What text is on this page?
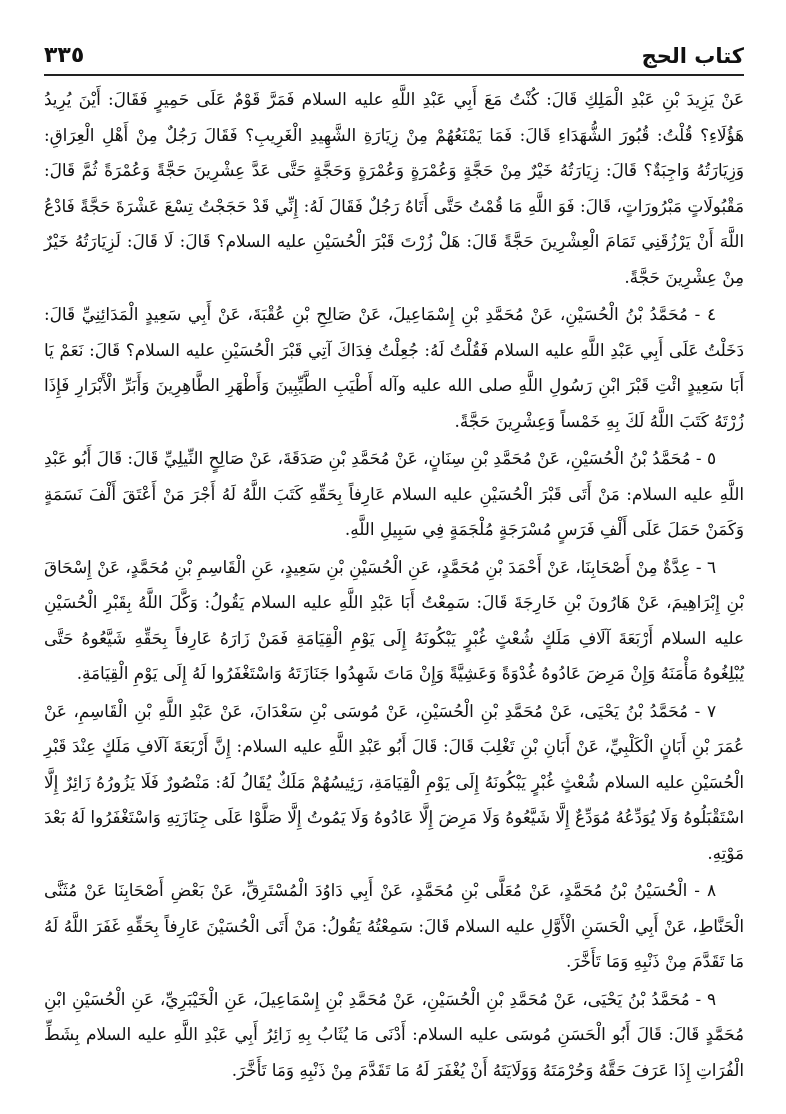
كتاب الحج
٣٣٥

عَنْ يَزِيدَ بْنِ عَبْدِ الْمَلِكِ قَالَ: كُنْتُ مَعَ أَبِي عَبْدِ اللَّهِ عليه السلام فَمَرَّ قَوْمٌ عَلَى حَمِيرٍ فَقَالَ: أَيْنَ يُرِيدُ هَؤُلَاءِ؟ قُلْتُ: قُبُورَ الشُّهَدَاءِ قَالَ: فَمَا يَمْنَعُهُمْ مِنْ زِيَارَةِ الشَّهِيدِ الْغَرِيبِ؟ فَقَالَ رَجُلٌ مِنْ أَهْلِ الْعِرَاقِ: وَزِيَارَتُهُ وَاجِبَةٌ؟ قَالَ: زِيَارَتُهُ خَيْرٌ مِنْ حَجَّةٍ وَعُمْرَةٍ وَعُمْرَةٍ وَحَجَّةٍ حَتَّى عَدَّ عِشْرِينَ حَجَّةً وَعُمْرَةً ثُمَّ قَالَ: مَقْبُولَاتٍ مَبْرُورَاتٍ، قَالَ: فَوَ اللَّهِ مَا قُمْتُ حَتَّى أَتَاهُ رَجُلٌ فَقَالَ لَهُ: إِنِّي قَدْ حَجَجْتُ تِسْعَ عَشْرَةَ حَجَّةً فَادْعُ اللَّهَ أَنْ يَرْزُقَنِي تَمَامَ الْعِشْرِينَ حَجَّةً قَالَ: هَلْ زُرْتَ قَبْرَ الْحُسَيْنِ عليه السلام؟ قَالَ: لَا قَالَ: لَزِيَارَتُهُ خَيْرٌ مِنْ عِشْرِينَ حَجَّةً.

٤ - مُحَمَّدُ بْنُ الْحُسَيْنِ، عَنْ مُحَمَّدِ بْنِ إِسْمَاعِيلَ، عَنْ صَالِحِ بْنِ عُقْبَةَ، عَنْ أَبِي سَعِيدٍ الْمَدَائِنِيِّ قَالَ: دَخَلْتُ عَلَى أَبِي عَبْدِ اللَّهِ عليه السلام فَقُلْتُ لَهُ: جُعِلْتُ فِدَاكَ آتِي قَبْرَ الْحُسَيْنِ عليه السلام؟ قَالَ: نَعَمْ يَا أَبَا سَعِيدٍ ائْتِ قَبْرَ ابْنِ رَسُولِ اللَّهِ صلى الله عليه وآله أَطْيَبِ الطَّيِّبِينَ وَأَطْهَرِ الطَّاهِرِينَ وَأَبَرِّ الْأَبْرَارِ فَإِذَا زُرْتَهُ كَتَبَ اللَّهُ لَكَ بِهِ خَمْساً وَعِشْرِينَ حَجَّةً.

٥ - مُحَمَّدُ بْنُ الْحُسَيْنِ، عَنْ مُحَمَّدِ بْنِ سِنَانٍ، عَنْ مُحَمَّدِ بْنِ صَدَقَةَ، عَنْ صَالِحٍ النِّيلِيِّ قَالَ: قَالَ أَبُو عَبْدِ اللَّهِ عليه السلام: مَنْ أَتَى قَبْرَ الْحُسَيْنِ عليه السلام عَارِفاً بِحَقِّهِ كَتَبَ اللَّهُ لَهُ أَجْرَ مَنْ أَعْتَقَ أَلْفَ نَسَمَةٍ وَكَمَنْ حَمَلَ عَلَى أَلْفِ فَرَسٍ مُسْرَجَةٍ مُلْجَمَةٍ فِي سَبِيلِ اللَّهِ.

٦ - عِدَّةٌ مِنْ أَصْحَابِنَا، عَنْ أَحْمَدَ بْنِ مُحَمَّدٍ، عَنِ الْحُسَيْنِ بْنِ سَعِيدٍ، عَنِ الْقَاسِمِ بْنِ مُحَمَّدٍ، عَنْ إِسْحَاقَ بْنِ إِبْرَاهِيمَ، عَنْ هَارُونَ بْنِ خَارِجَةَ قَالَ: سَمِعْتُ أَبَا عَبْدِ اللَّهِ عليه السلام يَقُولُ: وَكَّلَ اللَّهُ بِقَبْرِ الْحُسَيْنِ عليه السلام أَرْبَعَةَ آلَافِ مَلَكٍ شُعْثٍ غُبْرٍ يَبْكُونَهُ إِلَى يَوْمِ الْقِيَامَةِ فَمَنْ زَارَهُ عَارِفاً بِحَقِّهِ شَيَّعُوهُ حَتَّى يُبْلِغُوهُ مَأْمَنَهُ وَإِنْ مَرِضَ عَادُوهُ غُدْوَةً وَعَشِيَّةً وَإِنْ مَاتَ شَهِدُوا جَنَازَتَهُ وَاسْتَغْفَرُوا لَهُ إِلَى يَوْمِ الْقِيَامَةِ.

٧ - مُحَمَّدُ بْنُ يَحْيَى، عَنْ مُحَمَّدِ بْنِ الْحُسَيْنِ، عَنْ مُوسَى بْنِ سَعْدَانَ، عَنْ عَبْدِ اللَّهِ بْنِ الْقَاسِمِ، عَنْ عُمَرَ بْنِ أَبَانٍ الْكَلْبِيِّ، عَنْ أَبَانِ بْنِ تَغْلِبَ قَالَ: قَالَ أَبُو عَبْدِ اللَّهِ عليه السلام: إِنَّ أَرْبَعَةَ آلَافِ مَلَكٍ عِنْدَ قَبْرِ الْحُسَيْنِ عليه السلام شُعْثٍ غُبْرٍ يَبْكُونَهُ إِلَى يَوْمِ الْقِيَامَةِ، رَئِيسُهُمْ مَلَكٌ يُقَالُ لَهُ: مَنْصُورٌ فَلَا يَزُورُهُ زَائِرٌ إِلَّا اسْتَقْبَلُوهُ وَلَا يُوَدِّعُهُ مُوَدِّعٌ إِلَّا شَيَّعُوهُ وَلَا مَرِضَ إِلَّا عَادُوهُ وَلَا يَمُوتُ إِلَّا صَلَّوْا عَلَى جِنَازَتِهِ وَاسْتَغْفَرُوا لَهُ بَعْدَ مَوْتِهِ.

٨ - الْحُسَيْنُ بْنُ مُحَمَّدٍ، عَنْ مُعَلَّى بْنِ مُحَمَّدٍ، عَنْ أَبِي دَاوُدَ الْمُسْتَرِقِّ، عَنْ بَعْضِ أَصْحَابِنَا عَنْ مُثَنَّى الْحَنَّاطِ، عَنْ أَبِي الْحَسَنِ الْأَوَّلِ عليه السلام قَالَ: سَمِعْتُهُ يَقُولُ: مَنْ أَتَى الْحُسَيْنَ عَارِفاً بِحَقِّهِ غَفَرَ اللَّهُ لَهُ مَا تَقَدَّمَ مِنْ ذَنْبِهِ وَمَا تَأَخَّرَ.

٩ - مُحَمَّدُ بْنُ يَحْيَى، عَنْ مُحَمَّدِ بْنِ الْحُسَيْنِ، عَنْ مُحَمَّدِ بْنِ إِسْمَاعِيلَ، عَنِ الْخَيْبَرِيِّ، عَنِ الْحُسَيْنِ ابْنِ مُحَمَّدٍ قَالَ: قَالَ أَبُو الْحَسَنِ مُوسَى عليه السلام: أَدْنَى مَا يُثَابُ بِهِ زَائِرُ أَبِي عَبْدِ اللَّهِ عليه السلام بِشَطِّ الْفُرَاتِ إِذَا عَرَفَ حَقَّهُ وَحُرْمَتَهُ وَوَلَايَتَهُ أَنْ يُغْفَرَ لَهُ مَا تَقَدَّمَ مِنْ ذَنْبِهِ وَمَا تَأَخَّرَ.
